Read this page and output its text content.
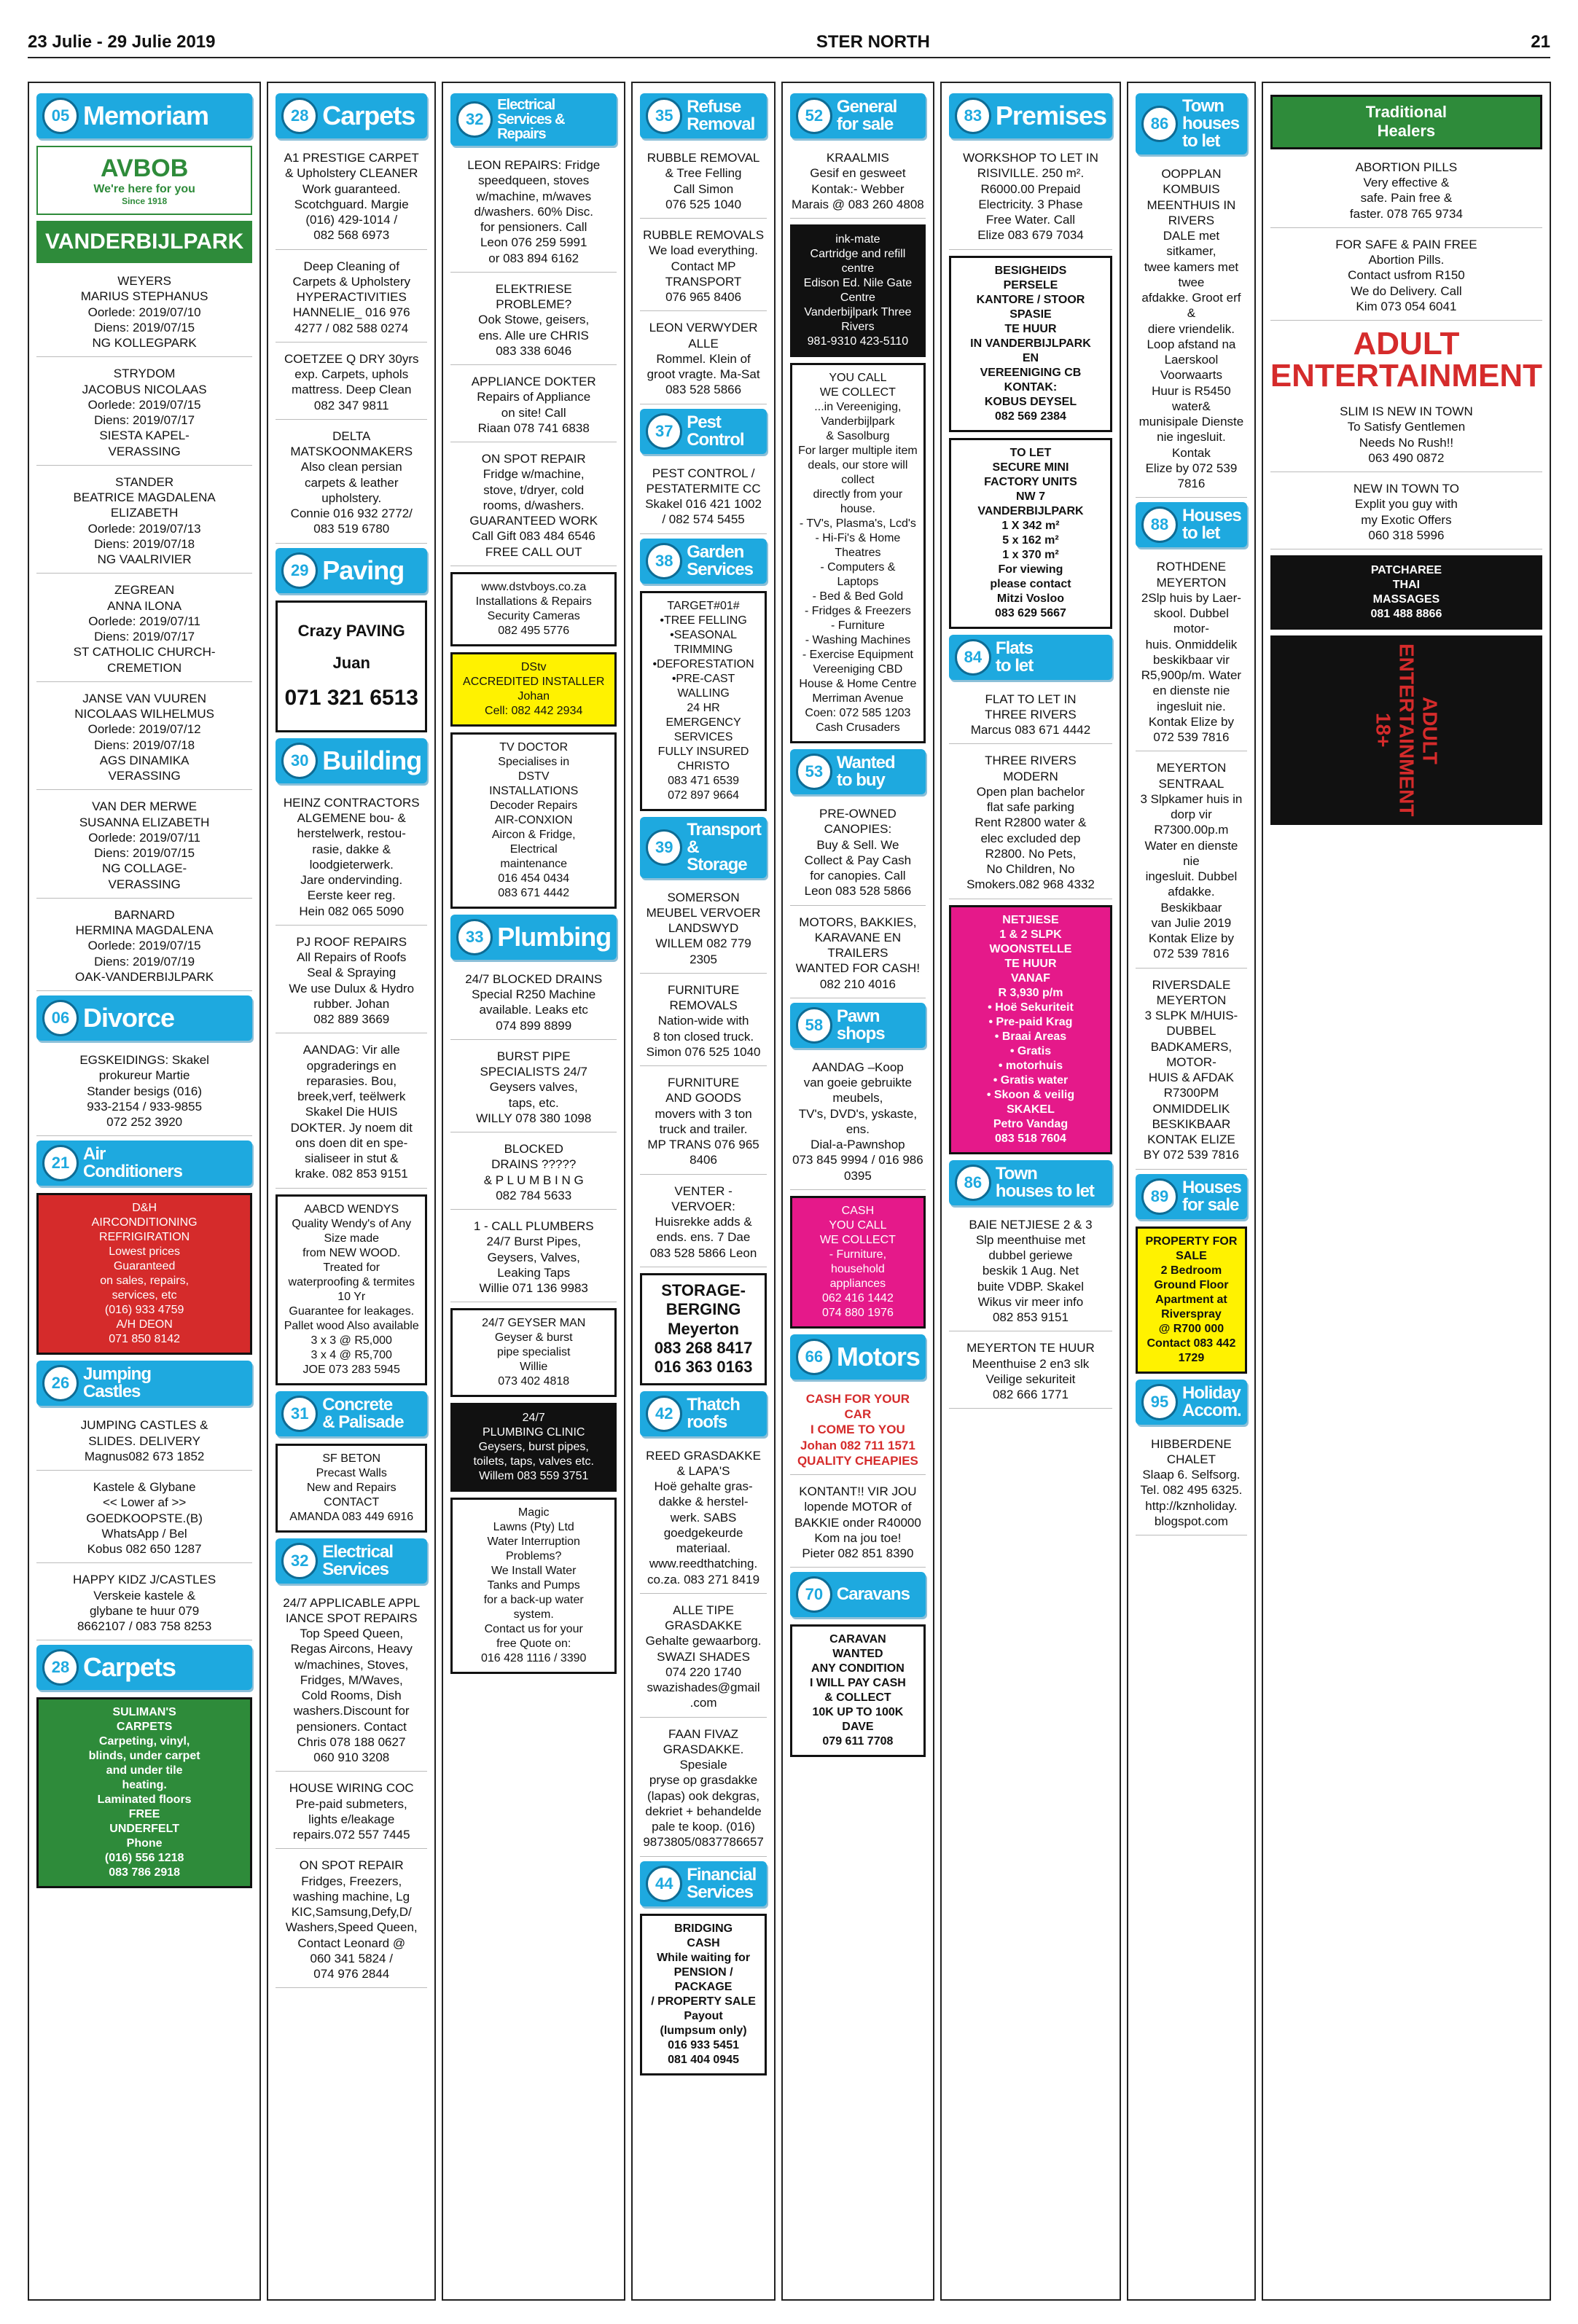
23 Julie - 29 Julie 2019	STER NORTH	21
05 Memoriam
AVBOB
We're here for you
Since 1918
VANDERBIJLPARK
WEYERS
MARIUS STEPHANUS
Oorlede: 2019/07/10
Diens: 2019/07/15
NG KOLLEGPARK
STRYDOM
JACOBUS NICOLAAS
Oorlede: 2019/07/15
Diens: 2019/07/17
SIESTA KAPEL-
VERASSING
STANDER
BEATRICE MAGDALENA
ELIZABETH
Oorlede: 2019/07/13
Diens: 2019/07/18
NG VAALRIVIER
ZEGREAN
ANNA ILONA
Oorlede: 2019/07/11
Diens: 2019/07/17
ST CATHOLIC CHURCH-
CREMETION
JANSE VAN VUUREN
NICOLAAS WILHELMUS
Oorlede: 2019/07/12
Diens: 2019/07/18
AGS DINAMIKA
VERASSING
VAN DER MERWE
SUSANNA ELIZABETH
Oorlede: 2019/07/11
Diens: 2019/07/15
NG COLLAGE-
VERASSING
BARNARD
HERMINA MAGDALENA
Oorlede: 2019/07/15
Diens: 2019/07/19
OAK-VANDERBIJLPARK
06 Divorce
EGSKEIDINGS: Skakel
prokureur Martie
Stander besigs (016)
933-2154 / 933-9855
072 252 3920
21 Air
Conditioners
D&H
AIRCONDITIONING
REFRIGIRATION
Lowest prices
Guaranteed
on sales, repairs,
services, etc
(016) 933 4759
A/H DEON
071 850 8142
26 Jumping
Castles
JUMPING CASTLES &
SLIDES. DELIVERY
Magnus082 673 1852
Kastele & Glybane
<< Lower af >>
GOEDKOOPSTE.(B)
WhatsApp / Bel
Kobus 082 650 1287
HAPPY KIDZ J/CASTLES
Verskeie kastele &
glybane te huur 079
8662107 / 083 758 8253
28 Carpets
SULIMAN'S
CARPETS
Carpeting, vinyl,
blinds, under carpet
and under tile
heating.
Laminated floors
FREE
UNDERFELT
Phone
(016) 556 1218
083 786 2918
28 Carpets
A1 PRESTIGE CARPET
& Upholstery CLEANER
Work guaranteed.
Scotchguard. Margie
(016) 429-1014 /
082 568 6973
Deep Cleaning of
Carpets & Upholstery
HYPERACTIVITIES
HANNELIE_ 016 976
4277 / 082 588 0274
COETZEE Q DRY 30yrs
exp. Carpets, uphols
mattress. Deep Clean
082 347 9811
DELTA
MATSKOONMAKERS
Also clean persian
carpets & leather
upholstery.
Connie 016 932 2772/
083 519 6780
29 Paving

Crazy PAVING

Juan

071 321 6513

30 Building
HEINZ CONTRACTORS
ALGEMENE bou- &
herstelwerk, restou-
rasie, dakke &
loodgieterwerk.
Jare ondervinding.
Eerste keer reg.
Hein 082 065 5090
PJ ROOF REPAIRS
All Repairs of Roofs
Seal & Spraying
We use Dulux & Hydro
rubber. Johan
082 889 3669
AANDAG: Vir alle
opgraderings en
reparasies. Bou,
breek,verf, teëlwerk
Skakel Die HUIS
DOKTER. Jy noem dit
ons doen dit en spe-
sialiseer in stut &
krake. 082 853 9151
AABCD WENDYS
Quality Wendy's of Any Size made
from NEW WOOD. Treated for
waterproofing & termites 10 Yr
Guarantee for leakages.
Pallet wood Also available
3 x 3 @ R5,000
3 x 4 @ R5,700
JOE 073 283 5945
31 Concrete
& Palisade
SF BETON
Precast Walls
New and Repairs
CONTACT
AMANDA 083 449 6916
32 Electrical
Services
24/7 APPLICABLE APPL
IANCE SPOT REPAIRS
Top Speed Queen,
Regas Aircons, Heavy
w/machines, Stoves,
Fridges, M/Waves,
Cold Rooms, Dish
washers.Discount for
pensioners. Contact
Chris 078 188 0627
060 910 3208
HOUSE WIRING COC
Pre-paid submeters,
lights e/leakage
repairs.072 557 7445
ON SPOT REPAIR
Fridges, Freezers,
washing machine, Lg
KIC,Samsung,Defy,D/
Washers,Speed Queen,
Contact Leonard @
060 341 5824 /
074 976 2844
32
Electrical
Services &
Repairs
LEON REPAIRS: Fridge
speedqueen, stoves
w/machine, m/waves
d/washers. 60% Disc.
for pensioners. Call
Leon 076 259 5991
or 083 894 6162
ELEKTRIESE
PROBLEME?
Ook Stowe, geisers,
ens. Alle ure CHRIS
083 338 6046
APPLIANCE DOKTER
Repairs of Appliance
on site! Call
Riaan 078 741 6838
ON SPOT REPAIR
Fridge w/machine,
stove, t/dryer, cold
rooms, d/washers.
GUARANTEED WORK
Call Gift 083 484 6546
FREE CALL OUT
www.dstvboys.co.za
Installations & Repairs
Security Cameras
082 495 5776
DStv
ACCREDITED INSTALLER
Johan
Cell: 082 442 2934
TV DOCTOR
Specialises in
DSTV
INSTALLATIONS
Decoder Repairs
AIR-CONXION
Aircon & Fridge,
Electrical
maintenance
016 454 0434
083 671 4442
33 Plumbing
24/7 BLOCKED DRAINS
Special R250 Machine
available. Leaks etc
074 899 8899
BURST PIPE
SPECIALISTS 24/7
Geysers valves,
taps, etc.
WILLY 078 380 1098
BLOCKED
DRAINS ?????
& P L U M B I N G
082 784 5633
1 - CALL PLUMBERS
24/7 Burst Pipes,
Geysers, Valves,
Leaking Taps
Willie 071 136 9983
24/7 GEYSER MAN
Geyser & burst
pipe specialist
Willie
073 402 4818
24/7
PLUMBING CLINIC
Geysers, burst pipes,
toilets, taps, valves etc.
Willem 083 559 3751
Magic
Lawns (Pty) Ltd
Water Interruption
Problems?
We Install Water
Tanks and Pumps
for a back-up water
system.
Contact us for your
free Quote on:
016 428 1116 / 3390
35 Refuse
Removal
RUBBLE REMOVAL
& Tree Felling
Call Simon
076 525 1040
RUBBLE REMOVALS
We load everything.
Contact MP TRANSPORT
076 965 8406
LEON VERWYDER ALLE
Rommel. Klein of
groot vragte. Ma-Sat
083 528 5866
37 Pest Control
PEST CONTROL /
PESTATERMITE CC
Skakel 016 421 1002
/ 082 574 5455
38 Garden
Services
TARGET#01#
•TREE FELLING
•SEASONAL TRIMMING
•DEFORESTATION
•PRE-CAST WALLING
24 HR EMERGENCY SERVICES
FULLY INSURED
CHRISTO
083 471 6539
072 897 9664
39
Transport
& Storage
SOMERSON
MEUBEL VERVOER
LANDSWYD
WILLEM 082 779 2305
FURNITURE REMOVALS
Nation-wide with
8 ton closed truck.
Simon 076 525 1040
FURNITURE
AND GOODS
movers with 3 ton
truck and trailer.
MP TRANS 076 965 8406
VENTER - VERVOER:
Huisrekke adds &
ends. ens. 7 Dae
083 528 5866 Leon
STORAGE-BERGING
Meyerton
083 268 8417
016 363 0163
42 Thatch roofs
REED GRASDAKKE
& LAPA'S
Hoë gehalte gras-
dakke & herstel-
werk. SABS
goedgekeurde
materiaal.
www.reedthatching.
co.za. 083 271 8419
ALLE TIPE GRASDAKKE
Gehalte gewaarborg.
SWAZI SHADES
074 220 1740
swazishades@gmail
.com
FAAN FIVAZ
GRASDAKKE. Spesiale
pryse op grasdakke
(lapas) ook dekgras,
dekriet + behandelde
pale te koop. (016)
9873805/0837786657
44 Financial
Services
BRIDGING
CASH
While waiting for
PENSION / PACKAGE
/ PROPERTY SALE
Payout
(lumpsum only)
016 933 5451
081 404 0945
52 General
for sale
KRAALMIS
Gesif en gesweet
Kontak:- Webber
Marais @ 083 260 4808
ink-mate
Cartridge and refill centre
Edison Ed. Nile Gate Centre
Vanderbijlpark Three Rivers
981-9310 423-5110
YOU CALL
WE COLLECT
...in Vereeniging,
Vanderbijlpark
& Sasolburg
For larger multiple item
deals, our store will collect
directly from your house.
- TV's, Plasma's, Lcd's
- Hi-Fi's & Home Theatres
- Computers & Laptops
- Bed & Bed Gold
- Fridges & Freezers
- Furniture
- Washing Machines
- Exercise Equipment
Vereeniging CBD
House & Home Centre
Merriman Avenue
Coen: 072 585 1203
Cash Crusaders
53 Wanted
to buy
PRE-OWNED
CANOPIES:
Buy & Sell. We
Collect & Pay Cash
for canopies. Call
Leon 083 528 5866
MOTORS, BAKKIES,
KARAVANE EN
TRAILERS
WANTED FOR CASH!
082 210 4016
58 Pawn shops
AANDAG –Koop
van goeie gebruikte
meubels,
TV's, DVD's, yskaste, ens.
Dial-a-Pawnshop
073 845 9994 / 016 986 0395
CASH
YOU CALL
WE COLLECT
- Furniture,
household
appliances
062 416 1442
074 880 1976
66 Motors
CASH FOR YOUR CAR
I COME TO YOU
Johan 082 711 1571
QUALITY CHEAPIES
KONTANT!! VIR JOU
lopende MOTOR of
BAKKIE onder R40000
Kom na jou toe!
Pieter 082 851 8390
70 Caravans
CARAVAN
WANTED
ANY CONDITION
I WILL PAY CASH
& COLLECT
10K UP TO 100K
DAVE
079 611 7708
83 Premises
WORKSHOP TO LET IN
RISIVILLE. 250 m².
R6000.00 Prepaid
Electricity. 3 Phase
Free Water. Call
Elize 083 679 7034
BESIGHEIDS
PERSELE
KANTORE / STOOR
SPASIE
TE HUUR
IN VANDERBIJLPARK
EN
VEREENIGING CB
KONTAK:
KOBUS DEYSEL
082 569 2384
TO LET
SECURE MINI
FACTORY UNITS
NW 7
VANDERBIJLPARK
1 X 342 m²
5 x 162 m²
1 x 370 m²
For viewing
please contact
Mitzi Vosloo
083 629 5667
84 Flats
to let
FLAT TO LET IN
THREE RIVERS
Marcus 083 671 4442
THREE RIVERS
MODERN
Open plan bachelor
flat safe parking
Rent R2800 water &
elec excluded dep
R2800. No Pets,
No Children, No
Smokers.082 968 4332
NETJIESE
1 & 2 SLPK
WOONSTELLE
TE HUUR
VANAF
R 3,930 p/m
• Hoë Sekuriteit
• Pre-paid Krag
• Braai Areas
• Gratis
• motorhuis
• Gratis water
• Skoon & veilig
SKAKEL
Petro Vandag
083 518 7604
86 Town
houses to let
BAIE NETJIESE 2 & 3
Slp meenthuise met
dubbel geriewe
beskik 1 Aug. Net
buite VDBP. Skakel
Wikus vir meer info
082 853 9151
MEYERTON TE HUUR
Meenthuise 2 en3 slk
Veilige sekuriteit
082 666 1771
86
Town
houses to let
OOPPLAN KOMBUIS
MEENTHUIS IN RIVERS
DALE met sitkamer,
twee kamers met twee
afdakke. Groot erf &
diere vriendelik.
Loop afstand na
Laerskool Voorwaarts
Huur is R5450 water&
munisipale Dienste
nie ingesluit. Kontak
Elize by 072 539 7816
88 Houses
to let
ROTHDENE MEYERTON
2Slp huis by Laer-
skool. Dubbel motor-
huis. Onmiddelik
beskikbaar vir
R5,900p/m. Water
en dienste nie
ingesluit nie.
Kontak Elize by
072 539 7816
MEYERTON SENTRAAL
3 Slpkamer huis in
dorp vir R7300.00p.m
Water en dienste nie
ingesluit. Dubbel
afdakke. Beskikbaar
van Julie 2019
Kontak Elize by
072 539 7816
RIVERSDALE
MEYERTON
3 SLPK M/HUIS-DUBBEL
BADKAMERS, MOTOR-
HUIS & AFDAK R7300PM
ONMIDDELIK
BESKIKBAAR
KONTAK ELIZE
BY 072 539 7816
89 Houses
for sale
PROPERTY FOR SALE
2 Bedroom Ground Floor
Apartment at Riverspray
@ R700 000
Contact 083 442 1729
95 Holiday
Accom.
HIBBERDENE CHALET
Slaap 6. Selfsorg.
Tel. 082 495 6325.
http://kznholiday.
blogspot.com
Traditional
Healers
ABORTION PILLS
Very effective &
safe. Pain free &
faster. 078 765 9734
FOR SAFE & PAIN FREE
Abortion Pills.
Contact usfrom R150
We do Delivery. Call
Kim 073 054 6041
ADULT
ENTERTAINMENT
SLIM IS NEW IN TOWN
To Satisfy Gentlemen
Needs No Rush!!
063 490 0872
NEW IN TOWN TO
Explit you guy with
my Exotic Offers
060 318 5996
PATCHAREE
THAI
MASSAGES
081 488 8866
ADULT ENTERTAINMENT 18+
